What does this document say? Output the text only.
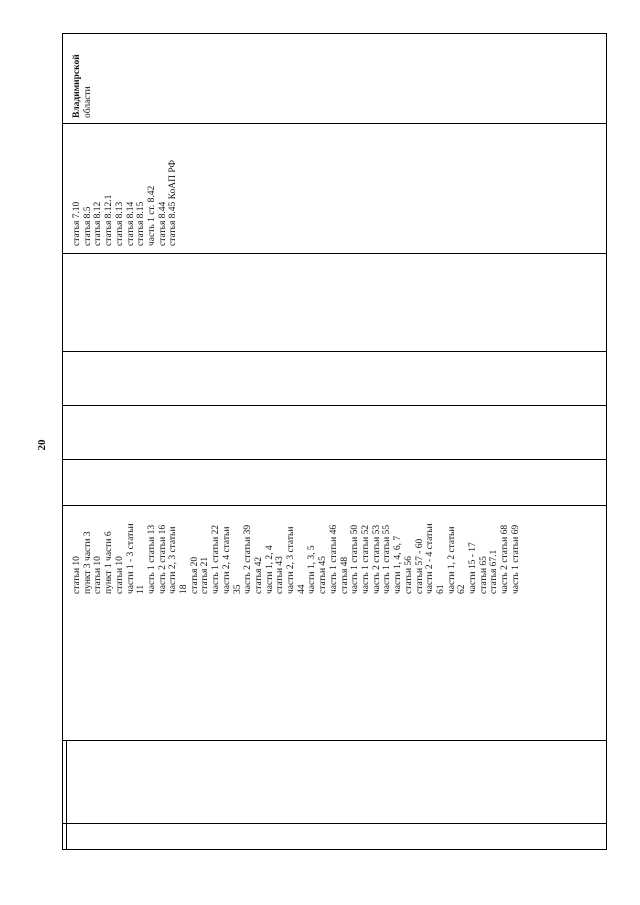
20
Владимирской области
статья 7.10 статья 8.5 статья 8.12 статья 8.12.1 статья 8.13 статья 8.14 статья 8.15 часть 1 ст. 8.42 статья 8.44 статья 8.45 КоАП РФ
статьи 10 пункт 3 части 3 статьи 10 пункт 1 части 6 статьи 10 части 1 - 3 статьи 11 часть 1 статьи 13 часть 2 статьи 16 части 2, 3 статьи 18 статья 20 статья 21 часть 1 статьи 22 части 2, 4 статьи 35 часть 2 статьи 39 статья 42 части 1, 2, 4 статьи 43 части 2, 3 статьи 44 части 1, 3, 5 статьи 45 часть 1 статьи 46 статья 48 часть 1 статьи 50 часть 1 статьи 52 часть 2 статьи 53 часть 1 статьи 55 части 1, 4, 6, 7 статьи 56 статьи 57 - 60 части 2 - 4 статьи 61 части 1, 2 статьи 62 части 15 - 17 статьи 65 статья 67.1 часть 2 статьи 68 часть 1 статьи 69
